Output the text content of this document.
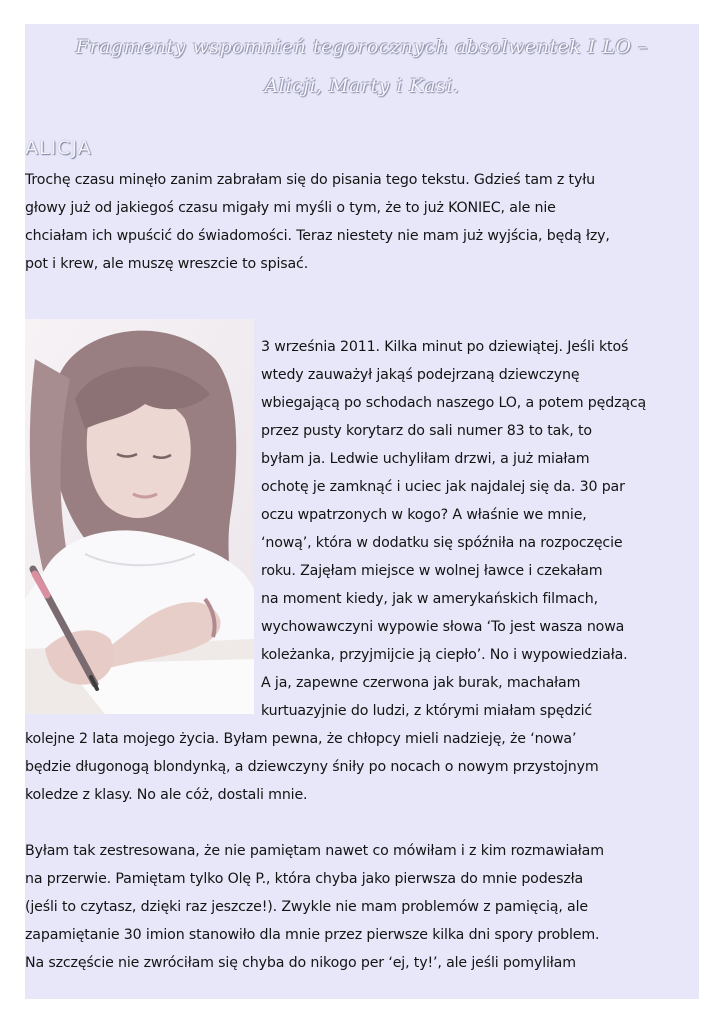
Fragmenty wspomnień tegorocznych absolwentek I LO –
Alicji, Marty i Kasi.
ALICJA
Trochę czasu minęło zanim zabrałam się do pisania tego tekstu. Gdzieś tam z tyłu
głowy już od jakiegoś czasu migały mi myśli o tym, że to już KONIEC, ale nie
chciałam ich wpuścić do świadomości. Teraz niestety nie mam już wyjścia, będą łzy,
pot i krew, ale muszę wreszcie to spisać.
3 września 2011. Kilka minut po dziewiątej. Jeśli ktoś
wtedy zauważył jakąś podejrzaną dziewczynę
wbiegającą po schodach naszego LO, a potem pędzącą
przez pusty korytarz do sali numer 83 to tak, to
byłam ja. Ledwie uchyliłam drzwi, a już miałam
ochotę je zamknąć i uciec jak najdalej się da. 30 par
oczu wpatrzonych w kogo? A właśnie we mnie,
‘nową’, która w dodatku się spóźniła na rozpoczęcie
roku. Zajęłam miejsce w wolnej ławce i czekałam
na moment kiedy, jak w amerykańskich filmach,
wychowawczyni wypowie słowa ‘To jest wasza nowa
koleżanka, przyjmijcie ją ciepło’. No i wypowiedziała.
A ja, zapewne czerwona jak burak, machałam
kurtuazyjnie do ludzi, z którymi miałam spędzić
kolejne 2 lata mojego życia. Byłam pewna, że chłopcy mieli nadzieję, że ‘nowa’
będzie długonogą blondynką, a dziewczyny śniły po nocach o nowym przystojnym
koledze z klasy. No ale cóż, dostali mnie.
Byłam tak zestresowana, że nie pamiętam nawet co mówiłam i z kim rozmawiałam
na przerwie. Pamiętam tylko Olę P., która chyba jako pierwsza do mnie podeszła
(jeśli to czytasz, dzięki raz jeszcze!). Zwykle nie mam problemów z pamięcią, ale
zapamiętanie 30 imion stanowiło dla mnie przez pierwsze kilka dni spory problem.
Na szczęście nie zwróciłam się chyba do nikogo per ‘ej, ty!’, ale jeśli pomyliłam
